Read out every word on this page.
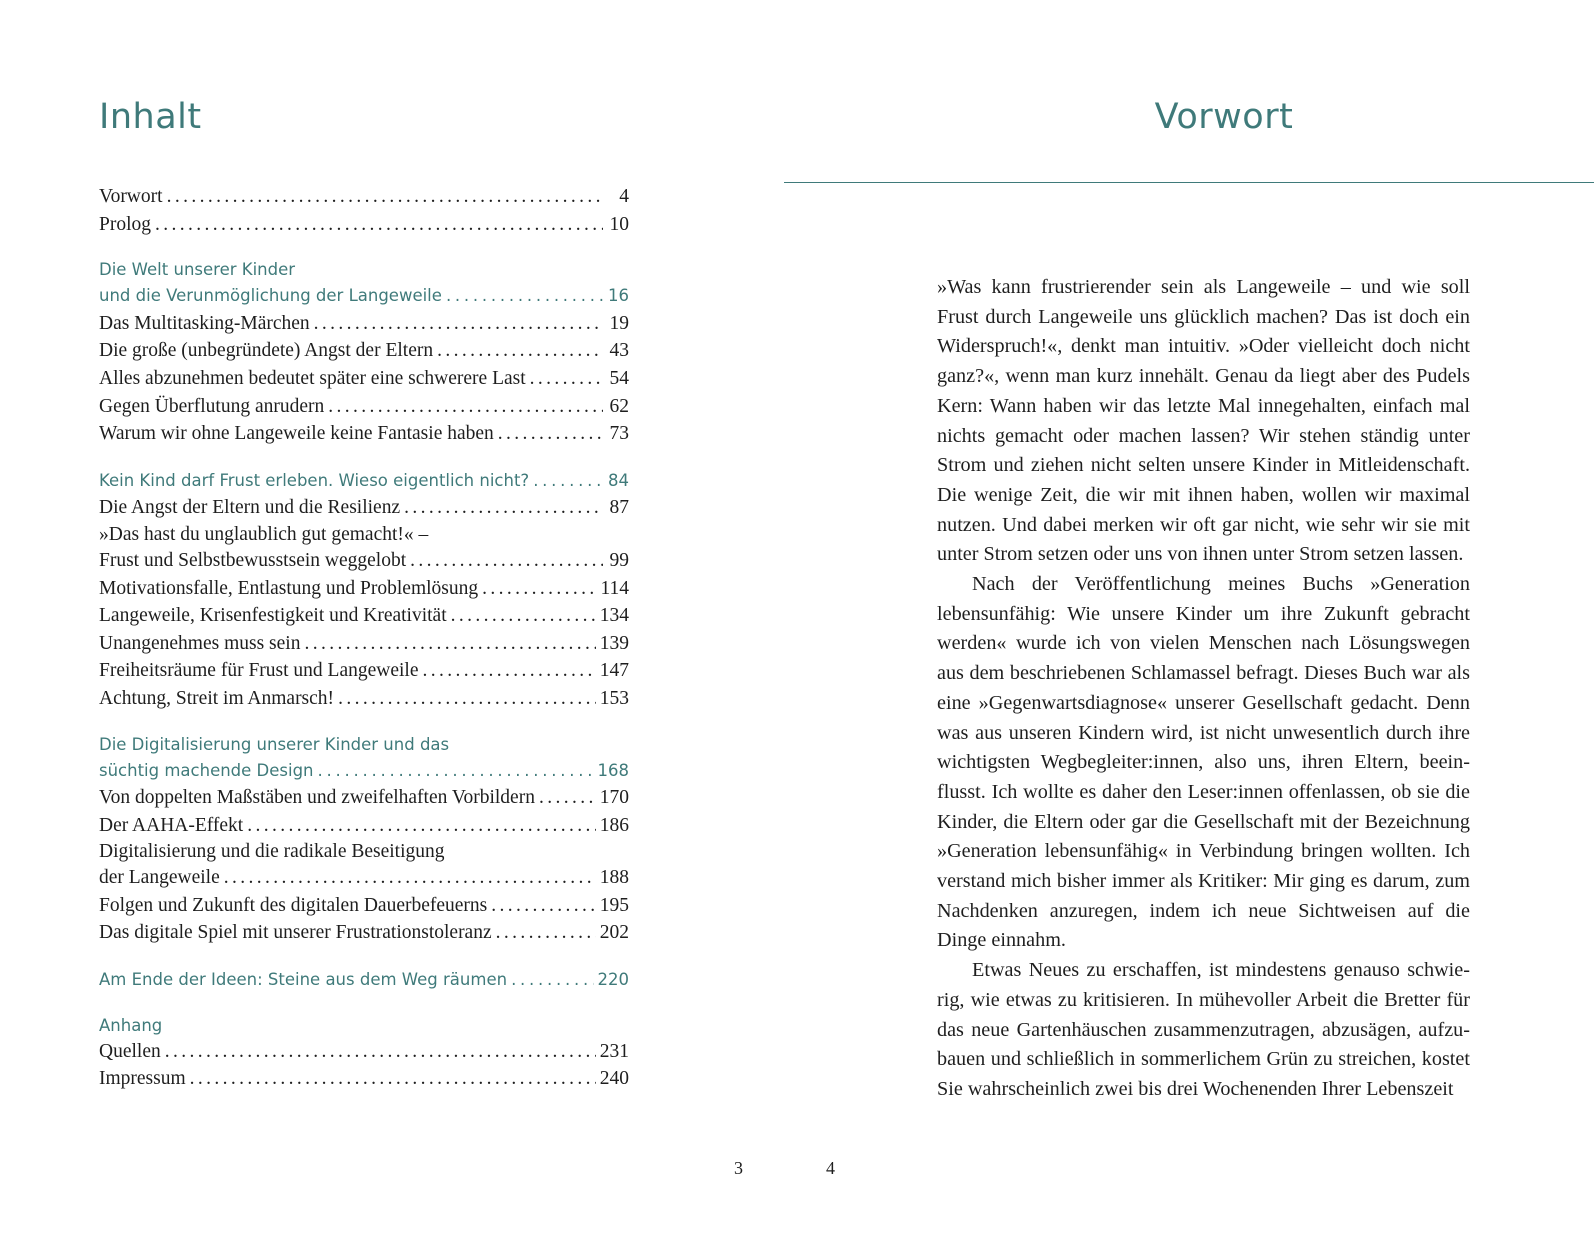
Inhalt
Vorwort . . .	4
Prolog . . .	10
Die Welt unserer Kinder
und die Verunmöglichung der Langeweile . . .	16
Das Multitasking-Märchen . . .	19
Die große (unbegründete) Angst der Eltern . . .	43
Alles abzunehmen bedeutet später eine schwerere Last . . .	54
Gegen Überflutung anrudern . . .	62
Warum wir ohne Langeweile keine Fantasie haben . . .	73
Kein Kind darf Frust erleben. Wieso eigentlich nicht? . . .	84
Die Angst der Eltern und die Resilienz . . .	87
»Das hast du unglaublich gut gemacht!« –
Frust und Selbstbewusstsein weggelobt . . .	99
Motivationsfalle, Entlastung und Problemlösung . . .	114
Langeweile, Krisenfestigkeit und Kreativität . . .	134
Unangenehmes muss sein . . .	139
Freiheitsräume für Frust und Langeweile . . .	147
Achtung, Streit im Anmarsch! . . .	153
Die Digitalisierung unserer Kinder und das
süchtig machende Design . . .	168
Von doppelten Maßstäben und zweifelhaften Vorbildern . . .	170
Der AAHA-Effekt . . .	186
Digitalisierung und die radikale Beseitigung
der Langeweile . . .	188
Folgen und Zukunft des digitalen Dauerbefeuerns . . .	195
Das digitale Spiel mit unserer Frustrationstoleranz . . .	202
Am Ende der Ideen: Steine aus dem Weg räumen . . .	220
Anhang
Quellen . . .	231
Impressum . . .	240
3
Vorwort

»Was kann frustrierender sein als Langeweile – und wie soll Frust durch Langeweile uns glücklich machen? Das ist doch ein Widerspruch!«, denkt man intuitiv. »Oder vielleicht doch nicht ganz?«, wenn man kurz innehält. Genau da liegt aber des Pudels Kern: Wann haben wir das letzte Mal innegehalten, einfach mal nichts gemacht oder machen lassen? Wir stehen ständig unter Strom und ziehen nicht selten unsere Kinder in Mitleidenschaft. Die wenige Zeit, die wir mit ihnen haben, wollen wir maximal nutzen. Und dabei merken wir oft gar nicht, wie sehr wir sie mit unter Strom setzen oder uns von ihnen unter Strom setzen lassen.

Nach der Veröffentlichung meines Buchs »Generation lebensunfähig: Wie unsere Kinder um ihre Zukunft gebracht werden« wurde ich von vielen Menschen nach Lösungswegen aus dem beschriebenen Schlamassel befragt. Dieses Buch war als eine »Gegenwartsdiagnose« unserer Gesellschaft gedacht. Denn was aus unseren Kindern wird, ist nicht unwesentlich durch ihre wichtigsten Wegbegleiter:innen, also uns, ihren Eltern, beeinflusst. Ich wollte es daher den Leser:innen offenlassen, ob sie die Kinder, die Eltern oder gar die Gesellschaft mit der Bezeichnung »Generation lebensunfähig« in Verbindung bringen wollten. Ich verstand mich bisher immer als Kritiker: Mir ging es darum, zum Nachdenken anzuregen, indem ich neue Sichtweisen auf die Dinge einnahm.

Etwas Neues zu erschaffen, ist mindestens genauso schwierig, wie etwas zu kritisieren. In mühevoller Arbeit die Bretter für das neue Gartenhäuschen zusammenzutragen, abzusägen, aufzubauen und schließlich in sommerlichem Grün zu streichen, kostet Sie wahrscheinlich zwei bis drei Wochenenden Ihrer Lebenszeit

4
